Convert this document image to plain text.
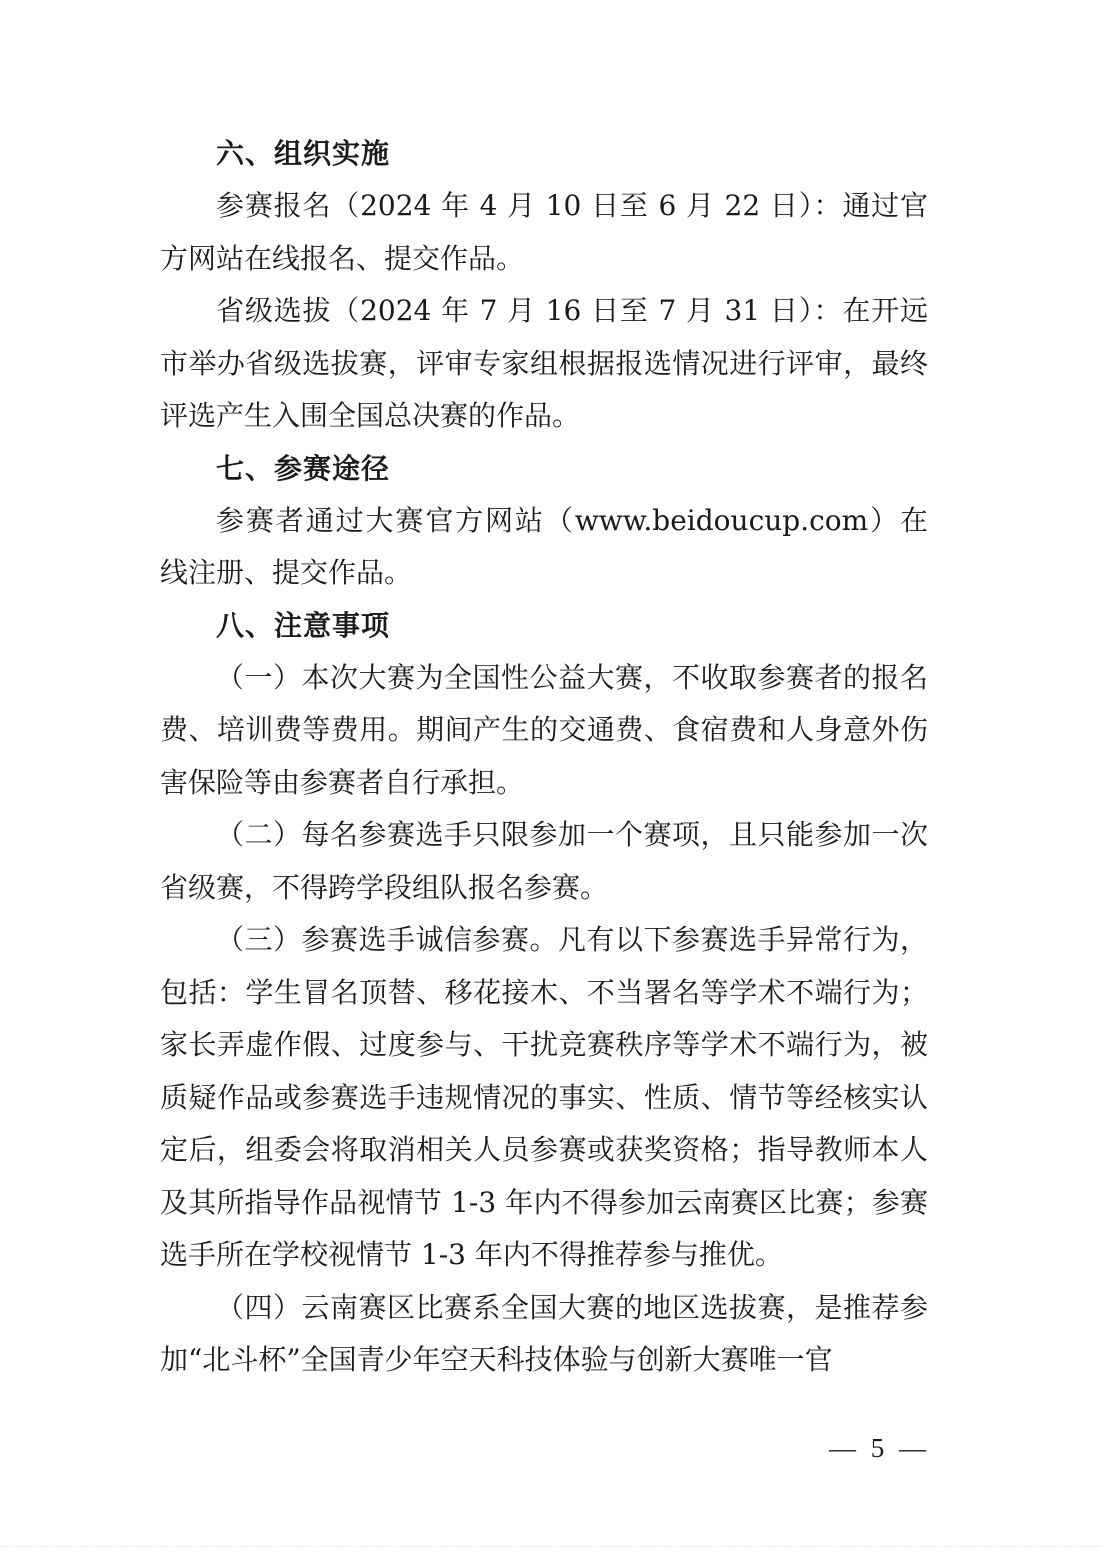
六、组织实施

参赛报名（2024 年 4 月 10 日至 6 月 22 日）：通过官方网站在线报名、提交作品。

省级选拔（2024 年 7 月 16 日至 7 月 31 日）：在开远市举办省级选拔赛，评审专家组根据报选情况进行评审，最终评选产生入围全国总决赛的作品。

七、参赛途径

参赛者通过大赛官方网站（www.beidoucup.com）在线注册、提交作品。

八、注意事项

（一）本次大赛为全国性公益大赛，不收取参赛者的报名费、培训费等费用。期间产生的交通费、食宿费和人身意外伤害保险等由参赛者自行承担。

（二）每名参赛选手只限参加一个赛项，且只能参加一次省级赛，不得跨学段组队报名参赛。

（三）参赛选手诚信参赛。凡有以下参赛选手异常行为，包括：学生冒名顶替、移花接木、不当署名等学术不端行为；家长弄虚作假、过度参与、干扰竞赛秩序等学术不端行为，被质疑作品或参赛选手违规情况的事实、性质、情节等经核实认定后，组委会将取消相关人员参赛或获奖资格；指导教师本人及其所指导作品视情节 1-3 年内不得参加云南赛区比赛；参赛选手所在学校视情节 1-3 年内不得推荐参与推优。

（四）云南赛区比赛系全国大赛的地区选拔赛，是推荐参加“北斗杯”全国青少年空天科技体验与创新大赛唯一官

— 5 —
